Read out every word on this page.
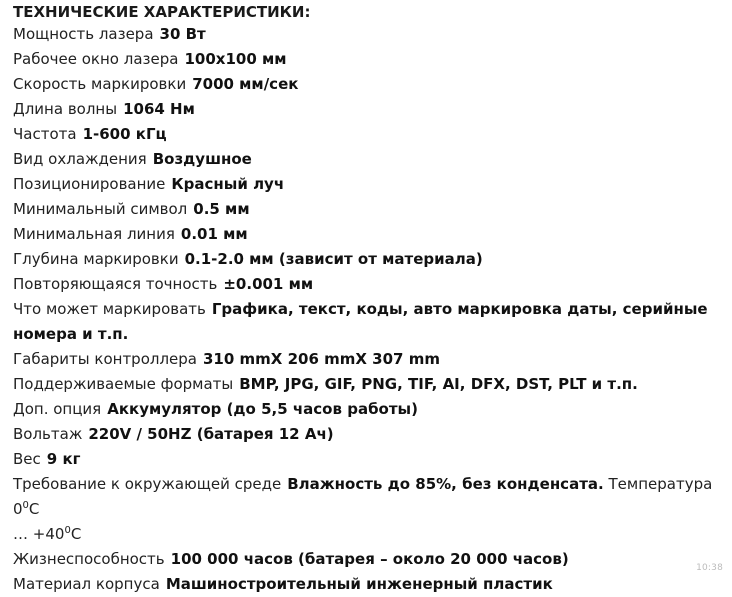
ТЕХНИЧЕСКИЕ ХАРАКТЕРИСТИКИ:

Мощность лазера 30 Вт

Рабочее окно лазера 100х100 мм

Скорость маркировки 7000 мм/сек

Длина волны 1064 Нм

Частота 1-600 кГц

Вид охлаждения Воздушное

Позиционирование Красный луч

Минимальный символ 0.5 мм

Минимальная линия 0.01 мм

Глубина маркировки 0.1-2.0 мм (зависит от материала)

Повторяющаяся точность ±0.001 мм

Что может маркировать Графика, текст, коды, авто маркировка даты, серийные номера и т.п.

Габариты контроллера 310 mmX 206 mmX 307 mm

Поддерживаемые форматы BMP, JPG, GIF, PNG, TIF, AI, DFX, DST, PLT и т.п.

Доп. опция Аккумулятор (до 5,5 часов работы)

Вольтаж 220V / 50HZ (батарея 12 Ач)

Вес 9 кг

Требование к окружающей среде Влажность до 85%, без конденсата. Температура $0^0C$
… $+40^0C$

Жизнеспособность 100 000 часов (батарея – около 20 000 часов)

Материал корпуса Машиностроительный инженерный пластик

10:38
